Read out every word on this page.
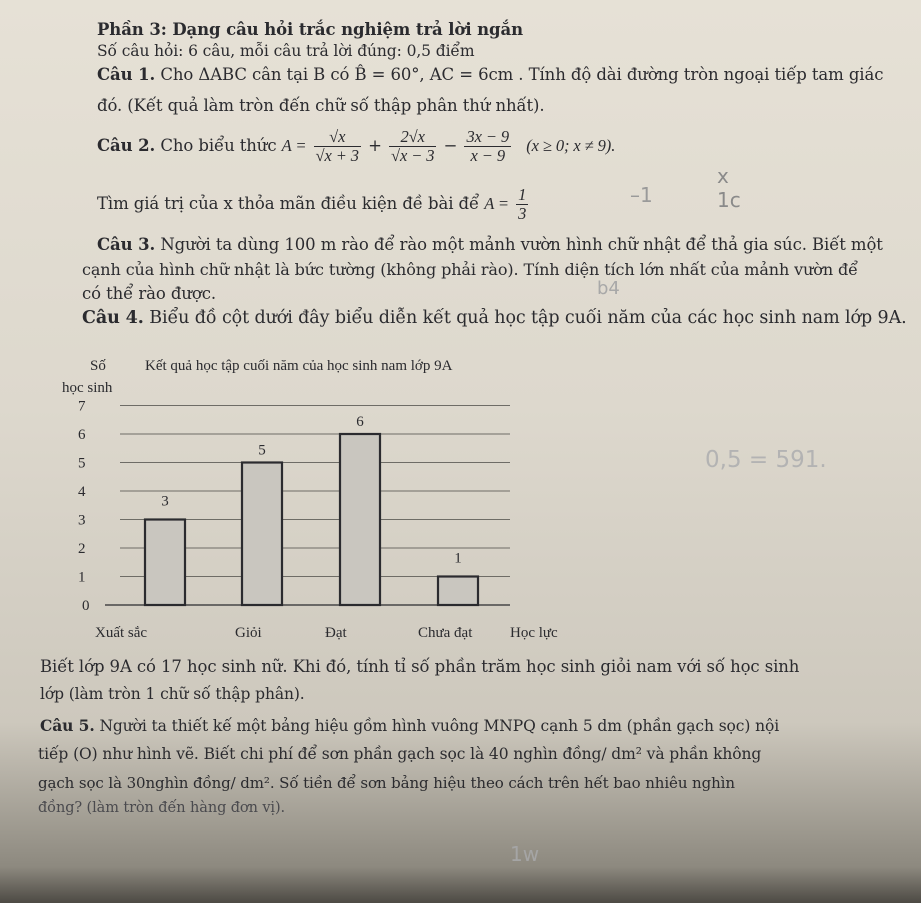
Phần 3: Dạng câu hỏi trắc nghiệm trả lời ngắn
Số câu hỏi: 6 câu, mỗi câu trả lời đúng: 0,5 điểm
Câu 1. Cho ΔABC cân tại B có B̂ = 60°, AC = 6cm . Tính độ dài đường tròn ngoại tiếp tam giác
đó. (Kết quả làm tròn đến chữ số thập phân thứ nhất).
Câu 2. Cho biểu thức $A = \frac{√x}{√x + 3} + \frac{2√x}{√x - 3} - \frac{3x - 9}{x - 9} (x \ge 0$; x ≠ 9).
Tìm giá trị của x thỏa mãn điều kiện đề bài để $A = \frac{1}{3}$
Câu 3. Người ta dùng 100 m rào để rào một mảnh vườn hình chữ nhật để thả gia súc. Biết một
cạnh của hình chữ nhật là bức tường (không phải rào). Tính diện tích lớn nhất của mảnh vườn để
có thể rào được.
Câu 4. Biểu đồ cột dưới đây biểu diễn kết quả học tập cuối năm của các học sinh nam lớp 9A.
Số	Kết quả học tập cuối năm của học sinh nam lớp 9A
học sinh
Học lực
0
1
2
3
4
5
6
7
3
Xuất sắc
5
Giỏi
6
Đạt
1
Chưa đạt
Biết lớp 9A có 17 học sinh nữ. Khi đó, tính tỉ số phần trăm học sinh giỏi nam với số học sinh
lớp (làm tròn 1 chữ số thập phân).
Câu 5. Người ta thiết kế một bảng hiệu gồm hình vuông MNPQ cạnh 5 dm (phần gạch sọc) nội
tiếp (O) như hình vẽ. Biết chi phí để sơn phần gạch sọc là 40 nghìn đồng/ dm² và phần không
gạch sọc là 30nghìn đồng/ dm². Số tiền để sơn bảng hiệu theo cách trên hết bao nhiêu nghìn
đồng? (làm tròn đến hàng đơn vị).
–1
x
1c
b4
0,5 = 591.
1w
